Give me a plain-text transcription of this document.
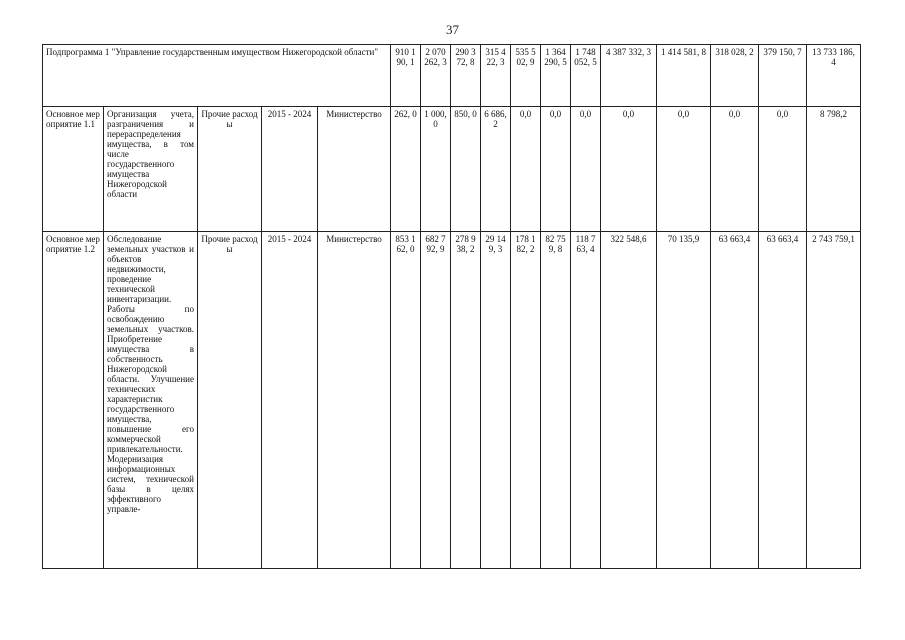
37
Подпрограмма 1 "Управление государственным имуществом Нижегородской области"					910 190, 1	2 070 262, 3	290 372, 8	315 422, 3	535 502, 9	1 364 290, 5	1 748 052, 5	4 387 332, 3	1 414 581, 8	318 028, 2	379 150, 7	13 733 186, 4
Основное мероприятие 1.1	Организация учета, разграничения и перераспределения имущества, в том числе государственного имущества Нижегородской области	Прочие расходы	2015 - 2024	Министерство	262, 0	1 000, 0	850, 0	6 686, 2	0,0	0,0	0,0	0,0	0,0	0,0	0,0	8 798,2
Основное мероприятие 1.2	Обследование земельных участков и объектов недвижимости, проведение технической инвентаризации. Работы по освобождению земельных участков. Приобретение имущества в собственность Нижегородской области. Улучшение технических характеристик государственного имущества, повышение его коммерческой привлекательности. Модернизация информационных систем, технической базы в целях эффективного управле-	Прочие расходы	2015 - 2024	Министерство	853 162, 0	682 792, 9	278 938, 2	29 149, 3	178 182, 2	82 759, 8	118 763, 4	322 548,6	70 135,9	63 663,4	63 663,4	2 743 759,1
